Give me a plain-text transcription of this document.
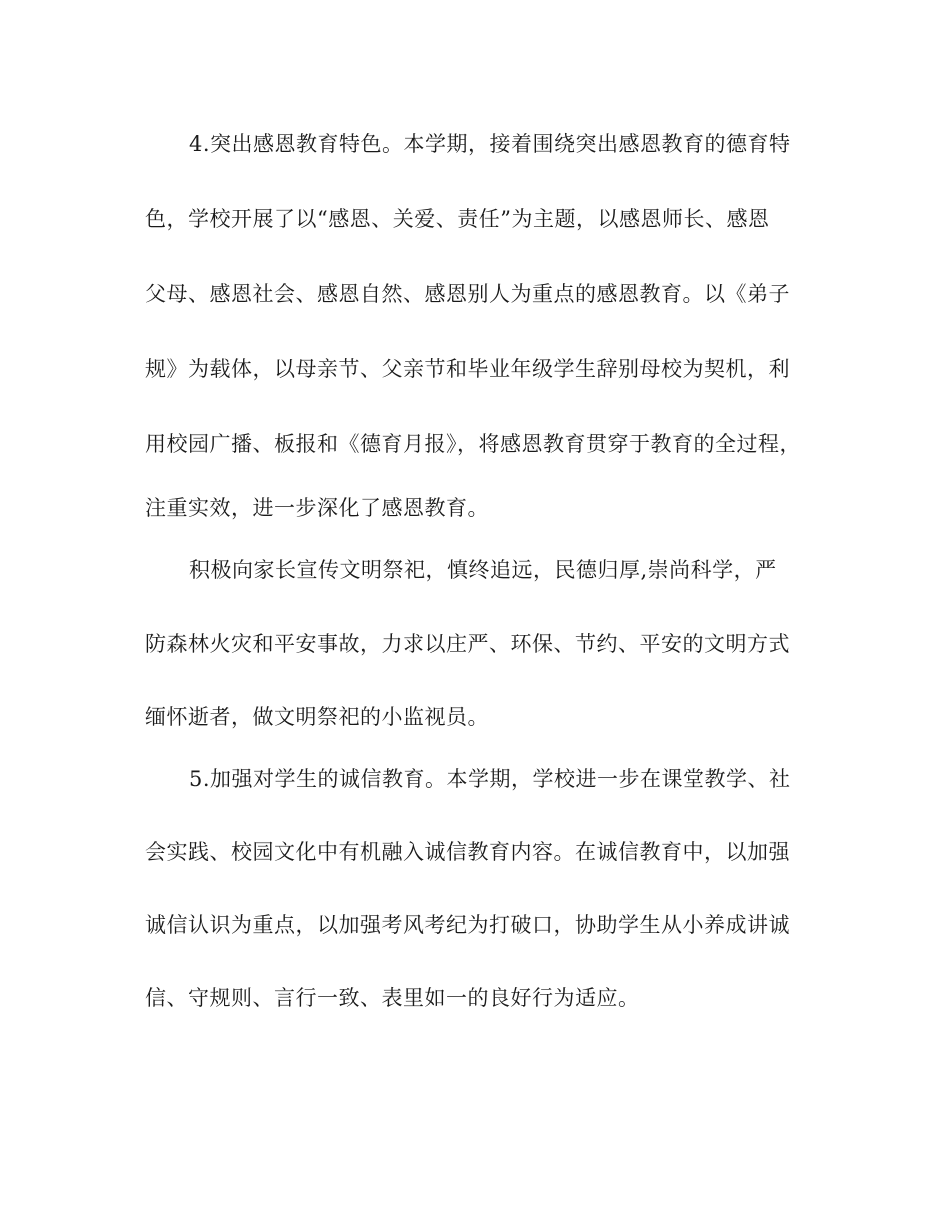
4.突出感恩教育特色。本学期，接着围绕突出感恩教育的德育特
色，学校开展了以“感恩、关爱、责任”为主题，以感恩师长、感恩
父母、感恩社会、感恩自然、感恩别人为重点的感恩教育。以《弟子
规》为载体，以母亲节、父亲节和毕业年级学生辞别母校为契机，利
用校园广播、板报和《德育月报》，将感恩教育贯穿于教育的全过程，
注重实效，进一步深化了感恩教育。
积极向家长宣传文明祭祀，慎终追远，民德归厚,崇尚科学，严
防森林火灾和平安事故，力求以庄严、环保、节约、平安的文明方式
缅怀逝者，做文明祭祀的小监视员。
5.加强对学生的诚信教育。本学期，学校进一步在课堂教学、社
会实践、校园文化中有机融入诚信教育内容。在诚信教育中，以加强
诚信认识为重点，以加强考风考纪为打破口，协助学生从小养成讲诚
信、守规则、言行一致、表里如一的良好行为适应。
